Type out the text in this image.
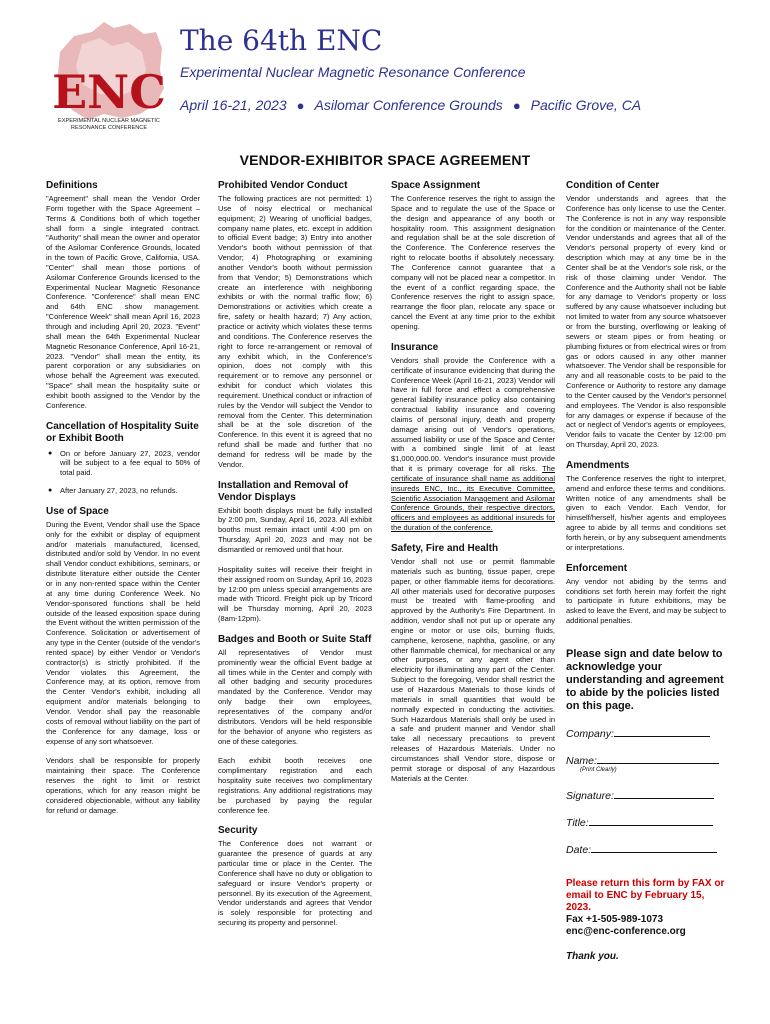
ENC
EXPERIMENTAL NUCLEAR MAGNETIC
RESONANCE CONFERENCE
The 64th ENC
Experimental Nuclear Magnetic Resonance Conference
April 16-21, 2023 ● Asilomar Conference Grounds ● Pacific Grove, CA
VENDOR-EXHIBITOR SPACE AGREEMENT
Definitions

"Agreement" shall mean the Vendor Order Form together with the Space Agreement – Terms & Conditions both of which together shall form a single integrated contract. "Authority" shall mean the owner and operator of the Asilomar Conference Grounds, located in the town of Pacific Grove, California, USA. "Center" shall mean those portions of Asilomar Conference Grounds licensed to the Experimental Nuclear Magnetic Resonance Conference. "Conference" shall mean ENC and 64th ENC show management. "Conference Week" shall mean April 16, 2023 through and including April 20, 2023. "Event" shall mean the 64th Experimental Nuclear Magnetic Resonance Conference, April 16-21, 2023. "Vendor" shall mean the entity, its parent corporation or any subsidiaries on whose behalf the Agreement was executed. "Space" shall mean the hospitality suite or exhibit booth assigned to the Vendor by the Conference.

Cancellation of Hospitality Suite or Exhibit Booth
● On or before January 27, 2023, vendor will be subject to a fee equal to 50% of total paid.
● After January 27, 2023, no refunds.
Use of Space

During the Event, Vendor shall use the Space only for the exhibit or display of equipment and/or materials manufactured, licensed, distributed and/or sold by Vendor. In no event shall Vendor conduct exhibitions, seminars, or distribute literature either outside the Center or in any non-rented space within the Center at any time during Conference Week. No Vendor-sponsored functions shall be held outside of the leased exposition space during the Event without the written permission of the Conference. Solicitation or advertisement of any type in the Center (outside of the vendor's rented space) by either Vendor or Vendor's contractor(s) is strictly prohibited. If the Vendor violates this Agreement, the Conference may, at its option, remove from the Center Vendor's exhibit, including all equipment and/or materials belonging to Vendor. Vendor shall pay the reasonable costs of removal without liability on the part of the Conference for any damage, loss or expense of any sort whatsoever.

Vendors shall be responsible for properly maintaining their space. The Conference reserves the right to limit or restrict operations, which for any reason might be considered objectionable, without any liability for refund or damage.

Prohibited Vendor Conduct

The following practices are not permitted: 1) Use of noisy electrical or mechanical equipment; 2) Wearing of unofficial badges, company name plates, etc. except in addition to official Event badge; 3) Entry into another Vendor's booth without permission of that Vendor; 4) Photographing or examining another Vendor's booth without permission from that Vendor; 5) Demonstrations which create an interference with neighboring exhibits or with the normal traffic flow; 6) Demonstrations or activities which create a fire, safety or health hazard; 7) Any action, practice or activity which violates these terms and conditions. The Conference reserves the right to force re-arrangement or removal of any exhibit which, in the Conference's opinion, does not comply with this requirement or to remove any personnel or exhibit for conduct which violates this requirement. Unethical conduct or infraction of rules by the Vendor will subject the Vendor to removal from the Center. This determination shall be at the sole discretion of the Conference. In this event it is agreed that no refund shall be made and further that no demand for redress will be made by the Vendor.

Installation and Removal of Vendor Displays

Exhibit booth displays must be fully installed by 2:00 pm, Sunday, April 16, 2023. All exhibit booths must remain intact until 4:00 pm on Thursday, April 20, 2023 and may not be dismantled or removed until that hour.

Hospitality suites will receive their freight in their assigned room on Sunday, April 16, 2023 by 12:00 pm unless special arrangements are made with Tricord. Freight pick up by Tricord will be Thursday morning, April 20, 2023 (8am-12pm).

Badges and Booth or Suite Staff

All representatives of Vendor must prominently wear the official Event badge at all times while in the Center and comply with all other badging and security procedures mandated by the Conference. Vendor may only badge their own employees, representatives of the company and/or distributors. Vendors will be held responsible for the behavior of anyone who registers as one of these categories.

Each exhibit booth receives one complimentary registration and each hospitality suite receives two complimentary registrations. Any additional registrations may be purchased by paying the regular conference fee.

Security

The Conference does not warrant or guarantee the presence of guards at any particular time or place in the Center. The Conference shall have no duty or obligation to safeguard or insure Vendor's property or personnel. By its execution of the Agreement, Vendor understands and agrees that Vendor is solely responsible for protecting and securing its property and personnel.

Space Assignment

The Conference reserves the right to assign the Space and to regulate the use of the Space or the design and appearance of any booth or hospitality room. This assignment designation and regulation shall be at the sole discretion of the Conference. The Conference reserves the right to relocate booths if absolutely necessary. The Conference cannot guarantee that a company will not be placed near a competitor. In the event of a conflict regarding space, the Conference reserves the right to assign space, rearrange the floor plan, relocate any space or cancel the Event at any time prior to the exhibit opening.

Insurance

Vendors shall provide the Conference with a certificate of insurance evidencing that during the Conference Week (April 16-21, 2023) Vendor will have in full force and effect a comprehensive general liability insurance policy also containing contractual liability insurance and covering claims of personal injury, death and property damage arising out of Vendor's operations, assumed liability or use of the Space and Center with a combined single limit of at least $1,000,000.00. Vendor's insurance must provide that it is primary coverage for all risks. The certificate of insurance shall name as additional insureds ENC, Inc., its Executive Committee, Scientific Association Management and Asilomar Conference Grounds, their respective directors, officers and employees as additional insureds for the duration of the conference.

Safety, Fire and Health

Vendor shall not use or permit flammable materials such as bunting, tissue paper, crepe paper, or other flammable items for decorations. All other materials used for decorative purposes must be treated with flame-proofing and approved by the Authority's Fire Department. In addition, vendor shall not put up or operate any engine or motor or use oils, burning fluids, camphene, kerosene, naphtha, gasoline, or any other flammable chemical, for mechanical or any other purposes, or any agent other than electricity for illuminating any part of the Center. Subject to the foregoing, Vendor shall restrict the use of Hazardous Materials to those kinds of materials in small quantities that would be normally expected in conducting the activities. Such Hazardous Materials shall only be used in a safe and prudent manner and Vendor shall take all necessary precautions to prevent releases of Hazardous Materials. Under no circumstances shall Vendor store, dispose or permit storage or disposal of any Hazardous Materials at the Center.

Condition of Center

Vendor understands and agrees that the Conference has only license to use the Center. The Conference is not in any way responsible for the condition or maintenance of the Center. Vendor understands and agrees that all of the Vendor's personal property of every kind or description which may at any time be in the Center shall be at the Vendor's sole risk, or the risk of those claiming under Vendor. The Conference and the Authority shall not be liable for any damage to Vendor's property or loss suffered by any cause whatsoever including but not limited to water from any source whatsoever or from the bursting, overflowing or leaking of sewers or steam pipes or from heating or plumbing fixtures or from electrical wires or from gas or odors caused in any other manner whatsoever. The Vendor shall be responsible for any and all reasonable costs to be paid to the Conference or Authority to restore any damage to the Center caused by the Vendor's personnel and employees. The Vendor is also responsible for any damages or expense if because of the act or neglect of Vendor's agents or employees, Vendor fails to vacate the Center by 12:00 pm on Thursday, April 20, 2023.

Amendments

The Conference reserves the right to interpret, amend and enforce these terms and conditions. Written notice of any amendments shall be given to each Vendor. Each Vendor, for himself/herself, his/her agents and employees agree to abide by all terms and conditions set forth herein, or by any subsequent amendments or interpretations.

Enforcement

Any vendor not abiding by the terms and conditions set forth herein may forfeit the right to participate in future exhibitions, may be asked to leave the Event, and may be subject to additional penalties.

Please sign and date below to acknowledge your understanding and agreement to abide by the policies listed on this page.
Company:
Name:
(Print Clearly)
Signature:
Title:
Date:
Please return this form by FAX or email to ENC by February 15, 2023.
Fax +1-505-989-1073
enc@enc-conference.org
Thank you.
